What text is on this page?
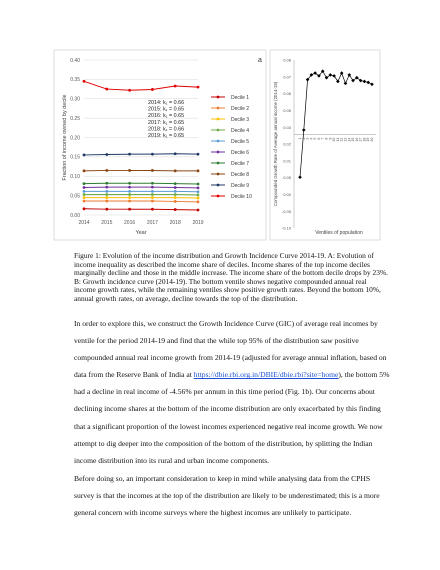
0.00
0.05
0.10
0.15
0.20
0.25
0.30
0.35
0.40
2014 2015 2016 2017 2018 2019
Year
Fraction of income owned by decile
a
Decile 1
Decile 2
Decile 3
Decile 4
Decile 5
Decile 6
Decile 7
Decile 8
Decile 9
Decile 10
2014: k₁ = 0.66
2015: k₁ = 0.65
2016: k₁ = 0.65
2017: k₁ = 0.65
2018: k₁ = 0.66
2019: k₁ = 0.65
-0.10
-0.05
0.00
0.05
0.01
0.02
0.03
0.05
0.06
0.07
0.08
1 2 3 4 5 6 7 8 9 10 11 12 13 14 15 16 17 18 19 20
Ventiles of population
Compounded Growth Rate of Average annual income (2014-19)

Figure 1: Evolution of the income distribution and Growth Incidence Curve 2014-19. A: Evolution of income inequality as described the income share of deciles. Income shares of the top income deciles marginally decline and those in the middle increase. The income share of the bottom decile drops by 23%. B: Growth incidence curve (2014-19). The bottom ventile shows negative compounded annual real income growth rates, while the remaining ventiles show positive growth rates. Beyond the bottom 10%, annual growth rates, on average, decline towards the top of the distribution.

In order to explore this, we construct the Growth Incidence Curve (GIC) of average real incomes by ventile for the period 2014-19 and find that the while top 95% of the distribution saw positive compounded annual real income growth from 2014-19 (adjusted for average annual inflation, based on data from the Reserve Bank of India at https://dbie.rbi.org.in/DBIE/dbie.rbi?site=home), the bottom 5% had a decline in real income of -4.56% per annum in this time period (Fig. 1b). Our concerns about declining income shares at the bottom of the income distribution are only exacerbated by this finding that a significant proportion of the lowest incomes experienced negative real income growth. We now attempt to dig deeper into the composition of the bottom of the distribution, by splitting the Indian income distribution into its rural and urban income components.

Before doing so, an important consideration to keep in mind while analysing data from the CPHS survey is that the incomes at the top of the distribution are likely to be underestimated; this is a more general concern with income surveys where the highest incomes are unlikely to participate.
